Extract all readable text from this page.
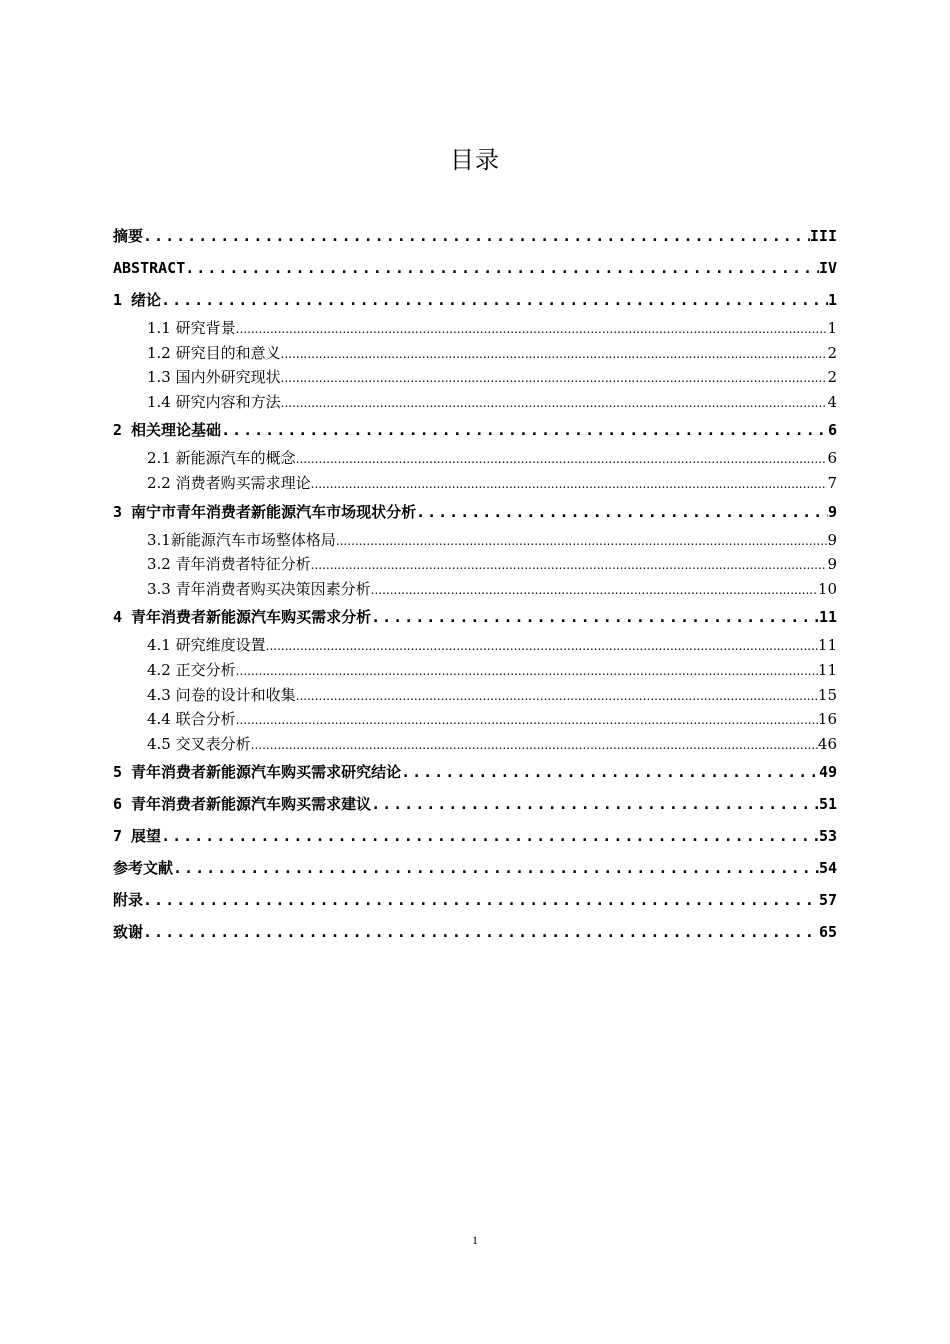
目录
摘要 .....	III
ABSTRACT .....	IV
1 绪论 .....	1
1.1 研究背景 .....	1
1.2 研究目的和意义 .....	2
1.3 国内外研究现状 .....	2
1.4 研究内容和方法 .....	4
2 相关理论基础 .....	6
2.1 新能源汽车的概念 .....	6
2.2 消费者购买需求理论 .....	7
3 南宁市青年消费者新能源汽车市场现状分析 .....	9
3.1新能源汽车市场整体格局 .....	9
3.2 青年消费者特征分析 .....	9
3.3 青年消费者购买决策因素分析 .....	10
4 青年消费者新能源汽车购买需求分析 .....	11
4.1 研究维度设置 .....	11
4.2 正交分析 .....	11
4.3 问卷的设计和收集 .....	15
4.4 联合分析 .....	16
4.5 交叉表分析 .....	46
5 青年消费者新能源汽车购买需求研究结论 .....	49
6 青年消费者新能源汽车购买需求建议 .....	51
7 展望 .....	53
参考文献 .....	54
附录 .....	57
致谢 .....	65
1
